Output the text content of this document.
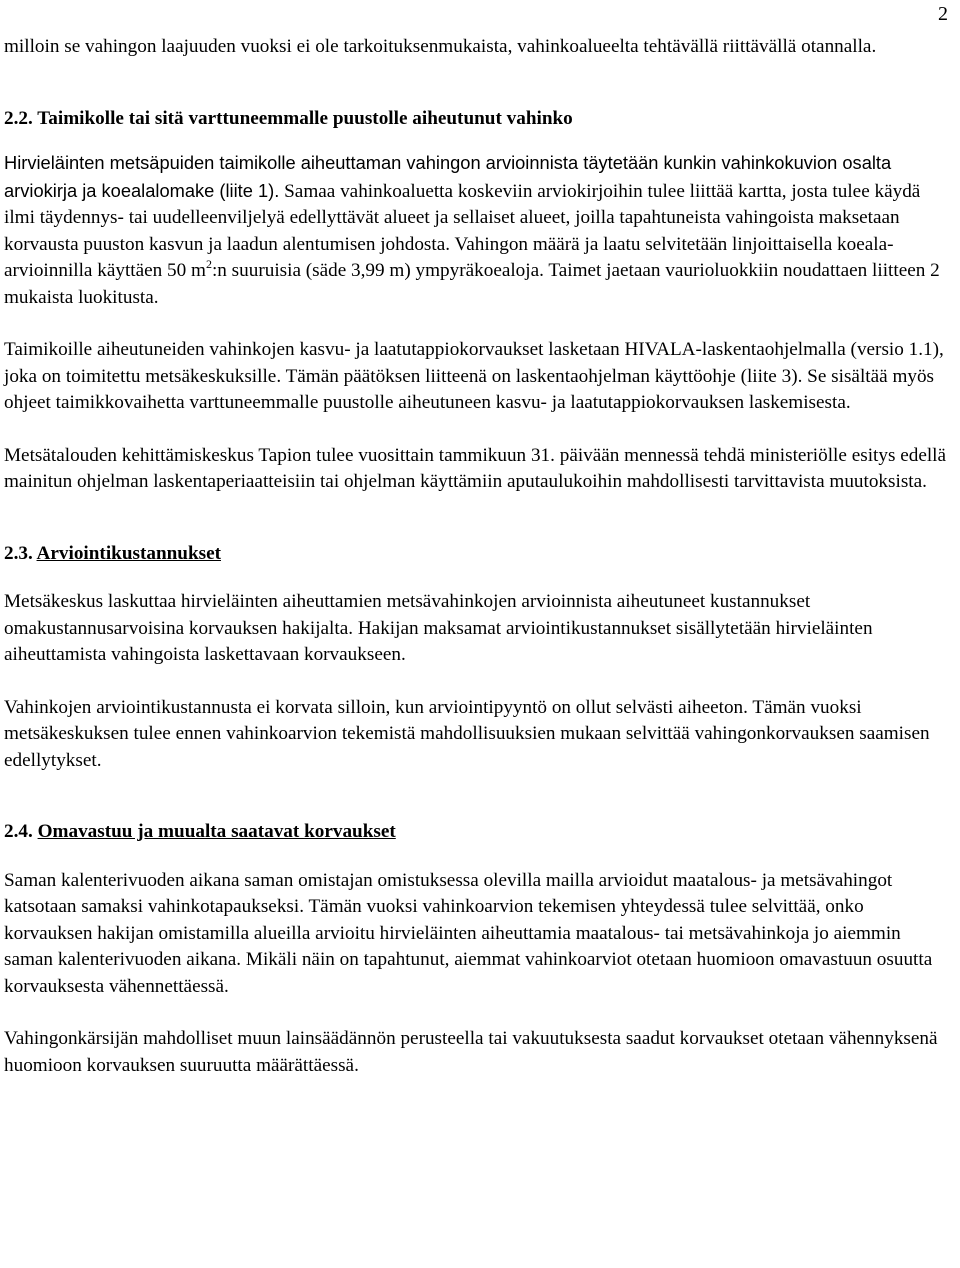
2

milloin se vahingon laajuuden vuoksi ei ole tarkoituksenmukaista, vahinkoalueelta tehtävällä riittävällä otannalla.

2.2. Taimikolle tai sitä varttuneemmalle puustolle aiheutunut vahinko

Hirvieläinten metsäpuiden taimikolle aiheuttaman vahingon arvioinnista täytetään kunkin vahinkokuvion osalta arviokirja ja koealalomake (liite 1). Samaa vahinkoaluetta koskeviin arviokirjoihin tulee liittää kartta, josta tulee käydä ilmi täydennys- tai uudelleenviljelyä edellyttävät alueet ja sellaiset alueet, joilla tapahtuneista vahingoista maksetaan korvausta puuston kasvun ja laadun alentumisen johdosta. Vahingon määrä ja laatu selvitetään linjoittaisella koeala-arvioinnilla käyttäen 50 $m^2:n$ suuruisia (säde 3,99 m) ympyräkoealoja. Taimet jaetaan vaurioluokkiin noudattaen liitteen 2 mukaista luokitusta.

Taimikoille aiheutuneiden vahinkojen kasvu- ja laatutappiokorvaukset lasketaan HIVALA-laskentaohjelmalla (versio 1.1), joka on toimitettu metsäkeskuksille. Tämän päätöksen liitteenä on laskentaohjelman käyttöohje (liite 3). Se sisältää myös ohjeet taimikkovaihetta varttuneemmalle puustolle aiheutuneen kasvu- ja laatutappiokorvauksen laskemisesta.

Metsätalouden kehittämiskeskus Tapion tulee vuosittain tammikuun 31. päivään mennessä tehdä ministeriölle esitys edellä mainitun ohjelman laskentaperiaatteisiin tai ohjelman käyttämiin aputaulukoihin mahdollisesti tarvittavista muutoksista.

2.3. Arviointikustannukset

Metsäkeskus laskuttaa hirvieläinten aiheuttamien metsävahinkojen arvioinnista aiheutuneet kustannukset omakustannusarvoisina korvauksen hakijalta. Hakijan maksamat arviointikustannukset sisällytetään hirvieläinten aiheuttamista vahingoista laskettavaan korvaukseen.

Vahinkojen arviointikustannusta ei korvata silloin, kun arviointipyyntö on ollut selvästi aiheeton. Tämän vuoksi metsäkeskuksen tulee ennen vahinkoarvion tekemistä mahdollisuuksien mukaan selvittää vahingonkorvauksen saamisen edellytykset.

2.4. Omavastuu ja muualta saatavat korvaukset

Saman kalenterivuoden aikana saman omistajan omistuksessa olevilla mailla arvioidut maatalous- ja metsävahingot katsotaan samaksi vahinkotapaukseksi. Tämän vuoksi vahinkoarvion tekemisen yhteydessä tulee selvittää, onko korvauksen hakijan omistamilla alueilla arvioitu hirvieläinten aiheuttamia maatalous- tai metsävahinkoja jo aiemmin saman kalenterivuoden aikana. Mikäli näin on tapahtunut, aiemmat vahinkoarviot otetaan huomioon omavastuun osuutta korvauksesta vähennettäessä.

Vahingonkärsijän mahdolliset muun lainsäädännön perusteella tai vakuutuksesta saadut korvaukset otetaan vähennyksenä huomioon korvauksen suuruutta määrättäessä.
